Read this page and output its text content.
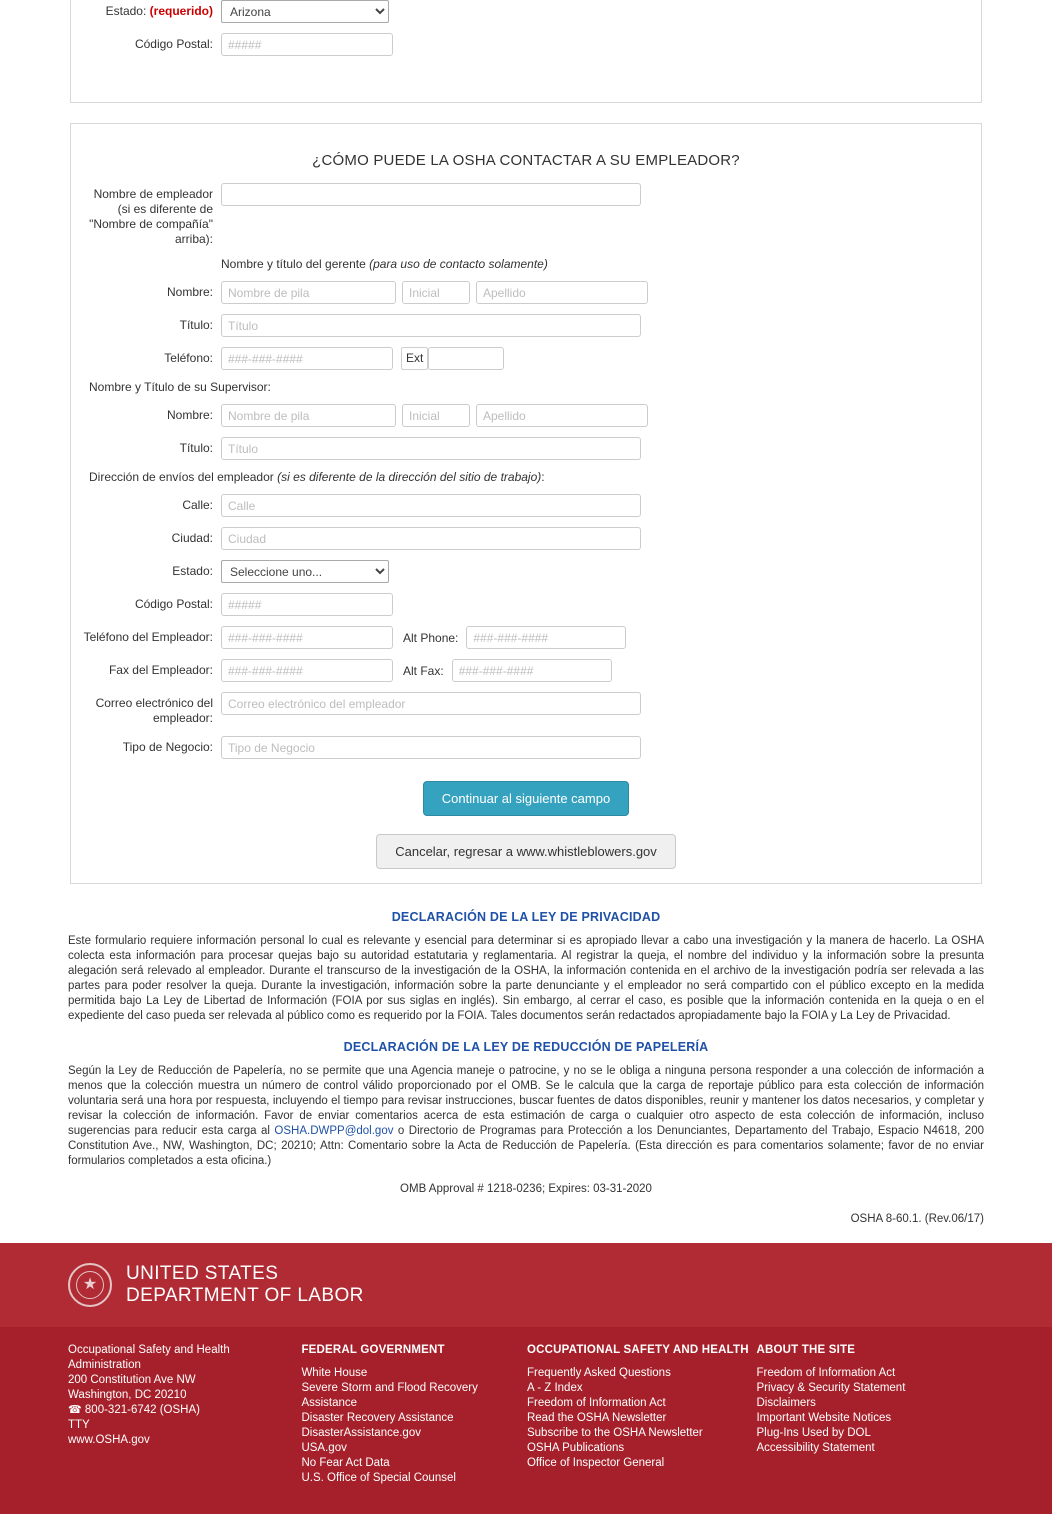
Estado: (requerido)
Arizona
Código Postal:
#####
¿CÓMO PUEDE LA OSHA CONTACTAR A SU EMPLEADOR?
Nombre de empleador (si es diferente de "Nombre de compañía" arriba):
Nombre y título del gerente (para uso de contacto solamente)
Nombre:
Nombre de pila
Inicial
Apellido
Título:
Título
Teléfono:
###-###-####	Ext
Nombre y Título de su Supervisor:
Nombre:
Nombre de pila
Inicial
Apellido
Título:
Título
Dirección de envíos del empleador (si es diferente de la dirección del sitio de trabajo):
Calle:
Calle
Ciudad:
Ciudad
Estado:
Seleccione uno...
Código Postal:
#####
Teléfono del Empleador:
###-###-####	Alt Phone:
###-###-####
Fax del Empleador:
###-###-####	Alt Fax:
###-###-####
Correo electrónico del empleador:
Correo electrónico del empleador
Tipo de Negocio:
Tipo de Negocio
Continuar al siguiente campo
Cancelar, regresar a www.whistleblowers.gov
DECLARACIÓN DE LA LEY DE PRIVACIDAD

Este formulario requiere información personal lo cual es relevante y esencial para determinar si es apropiado llevar a cabo una investigación y la manera de hacerlo. La OSHA colecta esta información para procesar quejas bajo su autoridad estatutaria y reglamentaria. Al registrar la queja, el nombre del individuo y la información sobre la presunta alegación será relevado al empleador. Durante el transcurso de la investigación de la OSHA, la información contenida en el archivo de la investigación podría ser relevada a las partes para poder resolver la queja. Durante la investigación, información sobre la parte denunciante y el empleador no será compartido con el público excepto en la medida permitida bajo La Ley de Libertad de Información (FOIA por sus siglas en inglés). Sin embargo, al cerrar el caso, es posible que la información contenida en la queja o en el expediente del caso pueda ser relevada al público como es requerido por la FOIA. Tales documentos serán redactados apropiadamente bajo la FOIA y La Ley de Privacidad.

DECLARACIÓN DE LA LEY DE REDUCCIÓN DE PAPELERÍA

Según la Ley de Reducción de Papelería, no se permite que una Agencia maneje o patrocine, y no se le obliga a ninguna persona responder a una colección de información a menos que la colección muestra un número de control válido proporcionado por el OMB. Se le calcula que la carga de reportaje público para esta colección de información voluntaria será una hora por respuesta, incluyendo el tiempo para revisar instrucciones, buscar fuentes de datos disponibles, reunir y mantener los datos necesarios, y completar y revisar la colección de información. Favor de enviar comentarios acerca de esta estimación de carga o cualquier otro aspecto de esta colección de información, incluso sugerencias para reducir esta carga al OSHA.DWPP@dol.gov o Directorio de Programas para Protección a los Denunciantes, Departamento del Trabajo, Espacio N4618, 200 Constitution Ave., NW, Washington, DC; 20210; Attn: Comentario sobre la Acta de Reducción de Papelería. (Esta dirección es para comentarios solamente; favor de no enviar formularios completados a esta oficina.)

OMB Approval # 1218-0236; Expires: 03-31-2020
OSHA 8-60.1. (Rev.06/17)
★
UNITED STATES
DEPARTMENT OF LABOR
Occupational Safety and Health
Administration
200 Constitution Ave NW
Washington, DC 20210
☎ 800-321-6742 (OSHA)
TTY
www.OSHA.gov
FEDERAL GOVERNMENT
White House
Severe Storm and Flood Recovery Assistance
Disaster Recovery Assistance
DisasterAssistance.gov
USA.gov
No Fear Act Data
U.S. Office of Special Counsel
OCCUPATIONAL SAFETY AND HEALTH
Frequently Asked Questions
A - Z Index
Freedom of Information Act
Read the OSHA Newsletter
Subscribe to the OSHA Newsletter
OSHA Publications
Office of Inspector General
ABOUT THE SITE
Freedom of Information Act
Privacy & Security Statement
Disclaimers
Important Website Notices
Plug-Ins Used by DOL
Accessibility Statement
